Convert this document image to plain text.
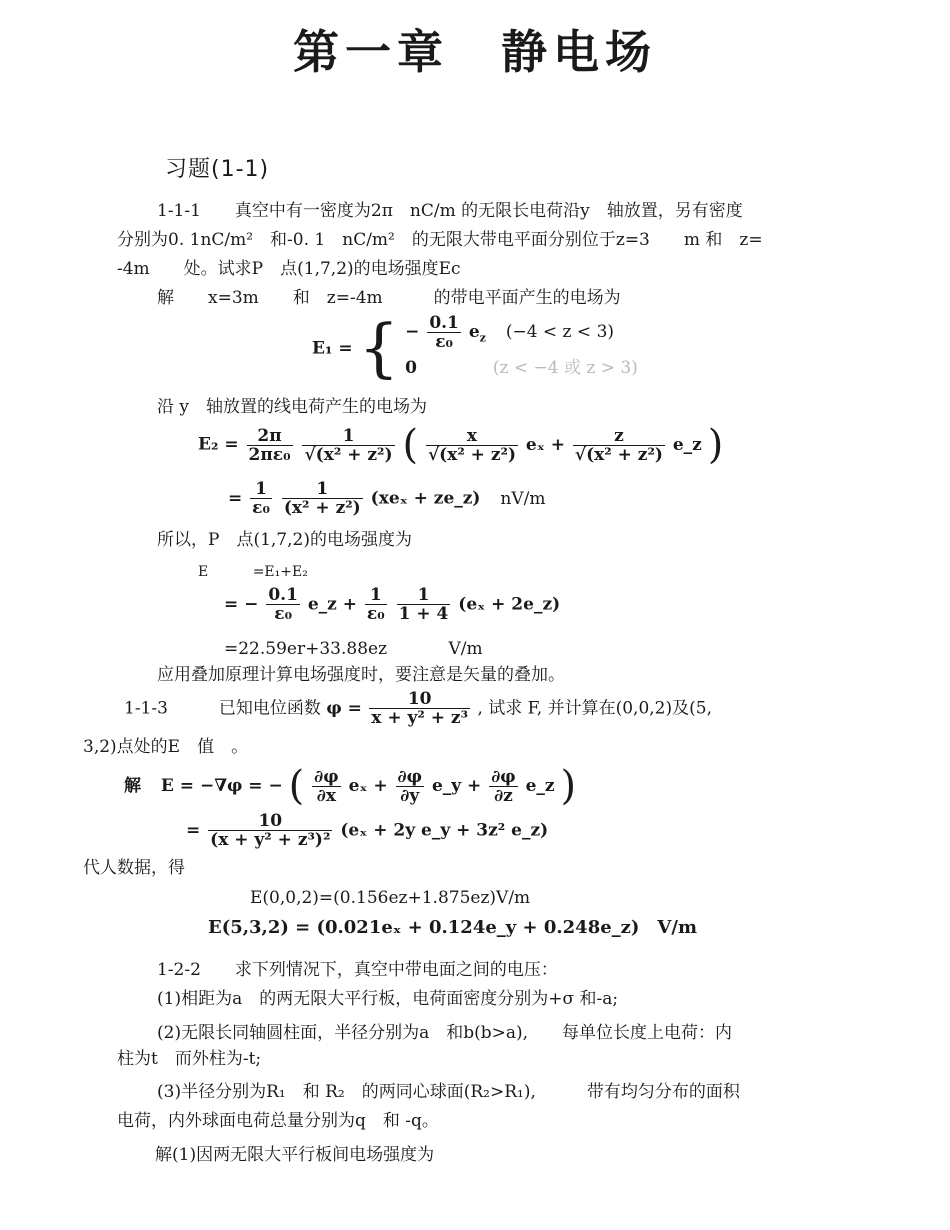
第一章　静电场
习题(1-1)
1-1-1　　真空中有一密度为2π　nC/m 的无限长电荷沿y　轴放置，另有密度
分别为0. 1nC/m²　和-0. 1　nC/m²　的无限大带电平面分别位于z=3　　m 和　z=
-4m　　处。试求P　点(1,7,2)的电场强度Ec
解　　x=3m　　和　z=-4m　　　的带电平面产生的电场为
E₁ = { − $\frac{0.1}{\text{ε₀}} e_z$ (−4 < z < 3)
0	(z < −4 或 z > 3)
沿 y　轴放置的线电荷产生的电场为
$E_2 = \frac{2\pi}{\text{2πε₀}}$
$\frac{1}{\text{√(x² + z²)}}$ ( $\frac{x}{\text{√(x² + z²)}}$ $e_x + \frac{z}{\text{√(x² + z²)}}$ e_z )
= $\frac{1}{\text{ε₀}}$
$\frac{1}{\text{(x² + z²)}} (xe_x$ + ze_z) nV/m
所以，P　点(1,7,2)的电场强度为
E	=E₁+E₂
= − $\frac{0.1}{\text{ε₀}}$ e_z + $\frac{1}{\text{ε₀}}$
$\frac{1}{1 + 4} (e_x$ + 2e_z)
=22.59er+33.88ez	V/m
应用叠加原理计算电场强度时，要注意是矢量的叠加。
1-1-3　　　已知电位函数 $\varphi = \frac{10}{\text{x + y² + z³}}$ , 试求 F, 并计算在(0,0,2)及(5,
3,2)点处的E　值　。
解 E = −∇φ = − ( $\frac{\partial\varphi}{\partial x}$ $e_x + \frac{\partial\varphi}{\partial y}$ e_y + $\frac{\partial\varphi}{\partial z}$ e_z )
= $\frac{10}{\text{(x + y² + z³)²}} (e_x + 2y$ e_y + 3z² e_z)
代人数据，得
E(0,0,2)=(0.156ez+1.875ez)V/m
E(5,3,2) = (0.021eₓ + 0.124e_y + 0.248e_z)　V/m
1-2-2　　求下列情况下，真空中带电面之间的电压：
(1)相距为a　的两无限大平行板，电荷面密度分别为+σ 和-a;
(2)无限长同轴圆柱面，半径分别为a　和b(b>a),　　每单位长度上电荷：内
柱为t　而外柱为-t;
(3)半径分别为R₁　和 R₂　的两同心球面(R₂>R₁),　　　带有均匀分布的面积
电荷，内外球面电荷总量分别为q　和 -q。
解(1)因两无限大平行板间电场强度为
